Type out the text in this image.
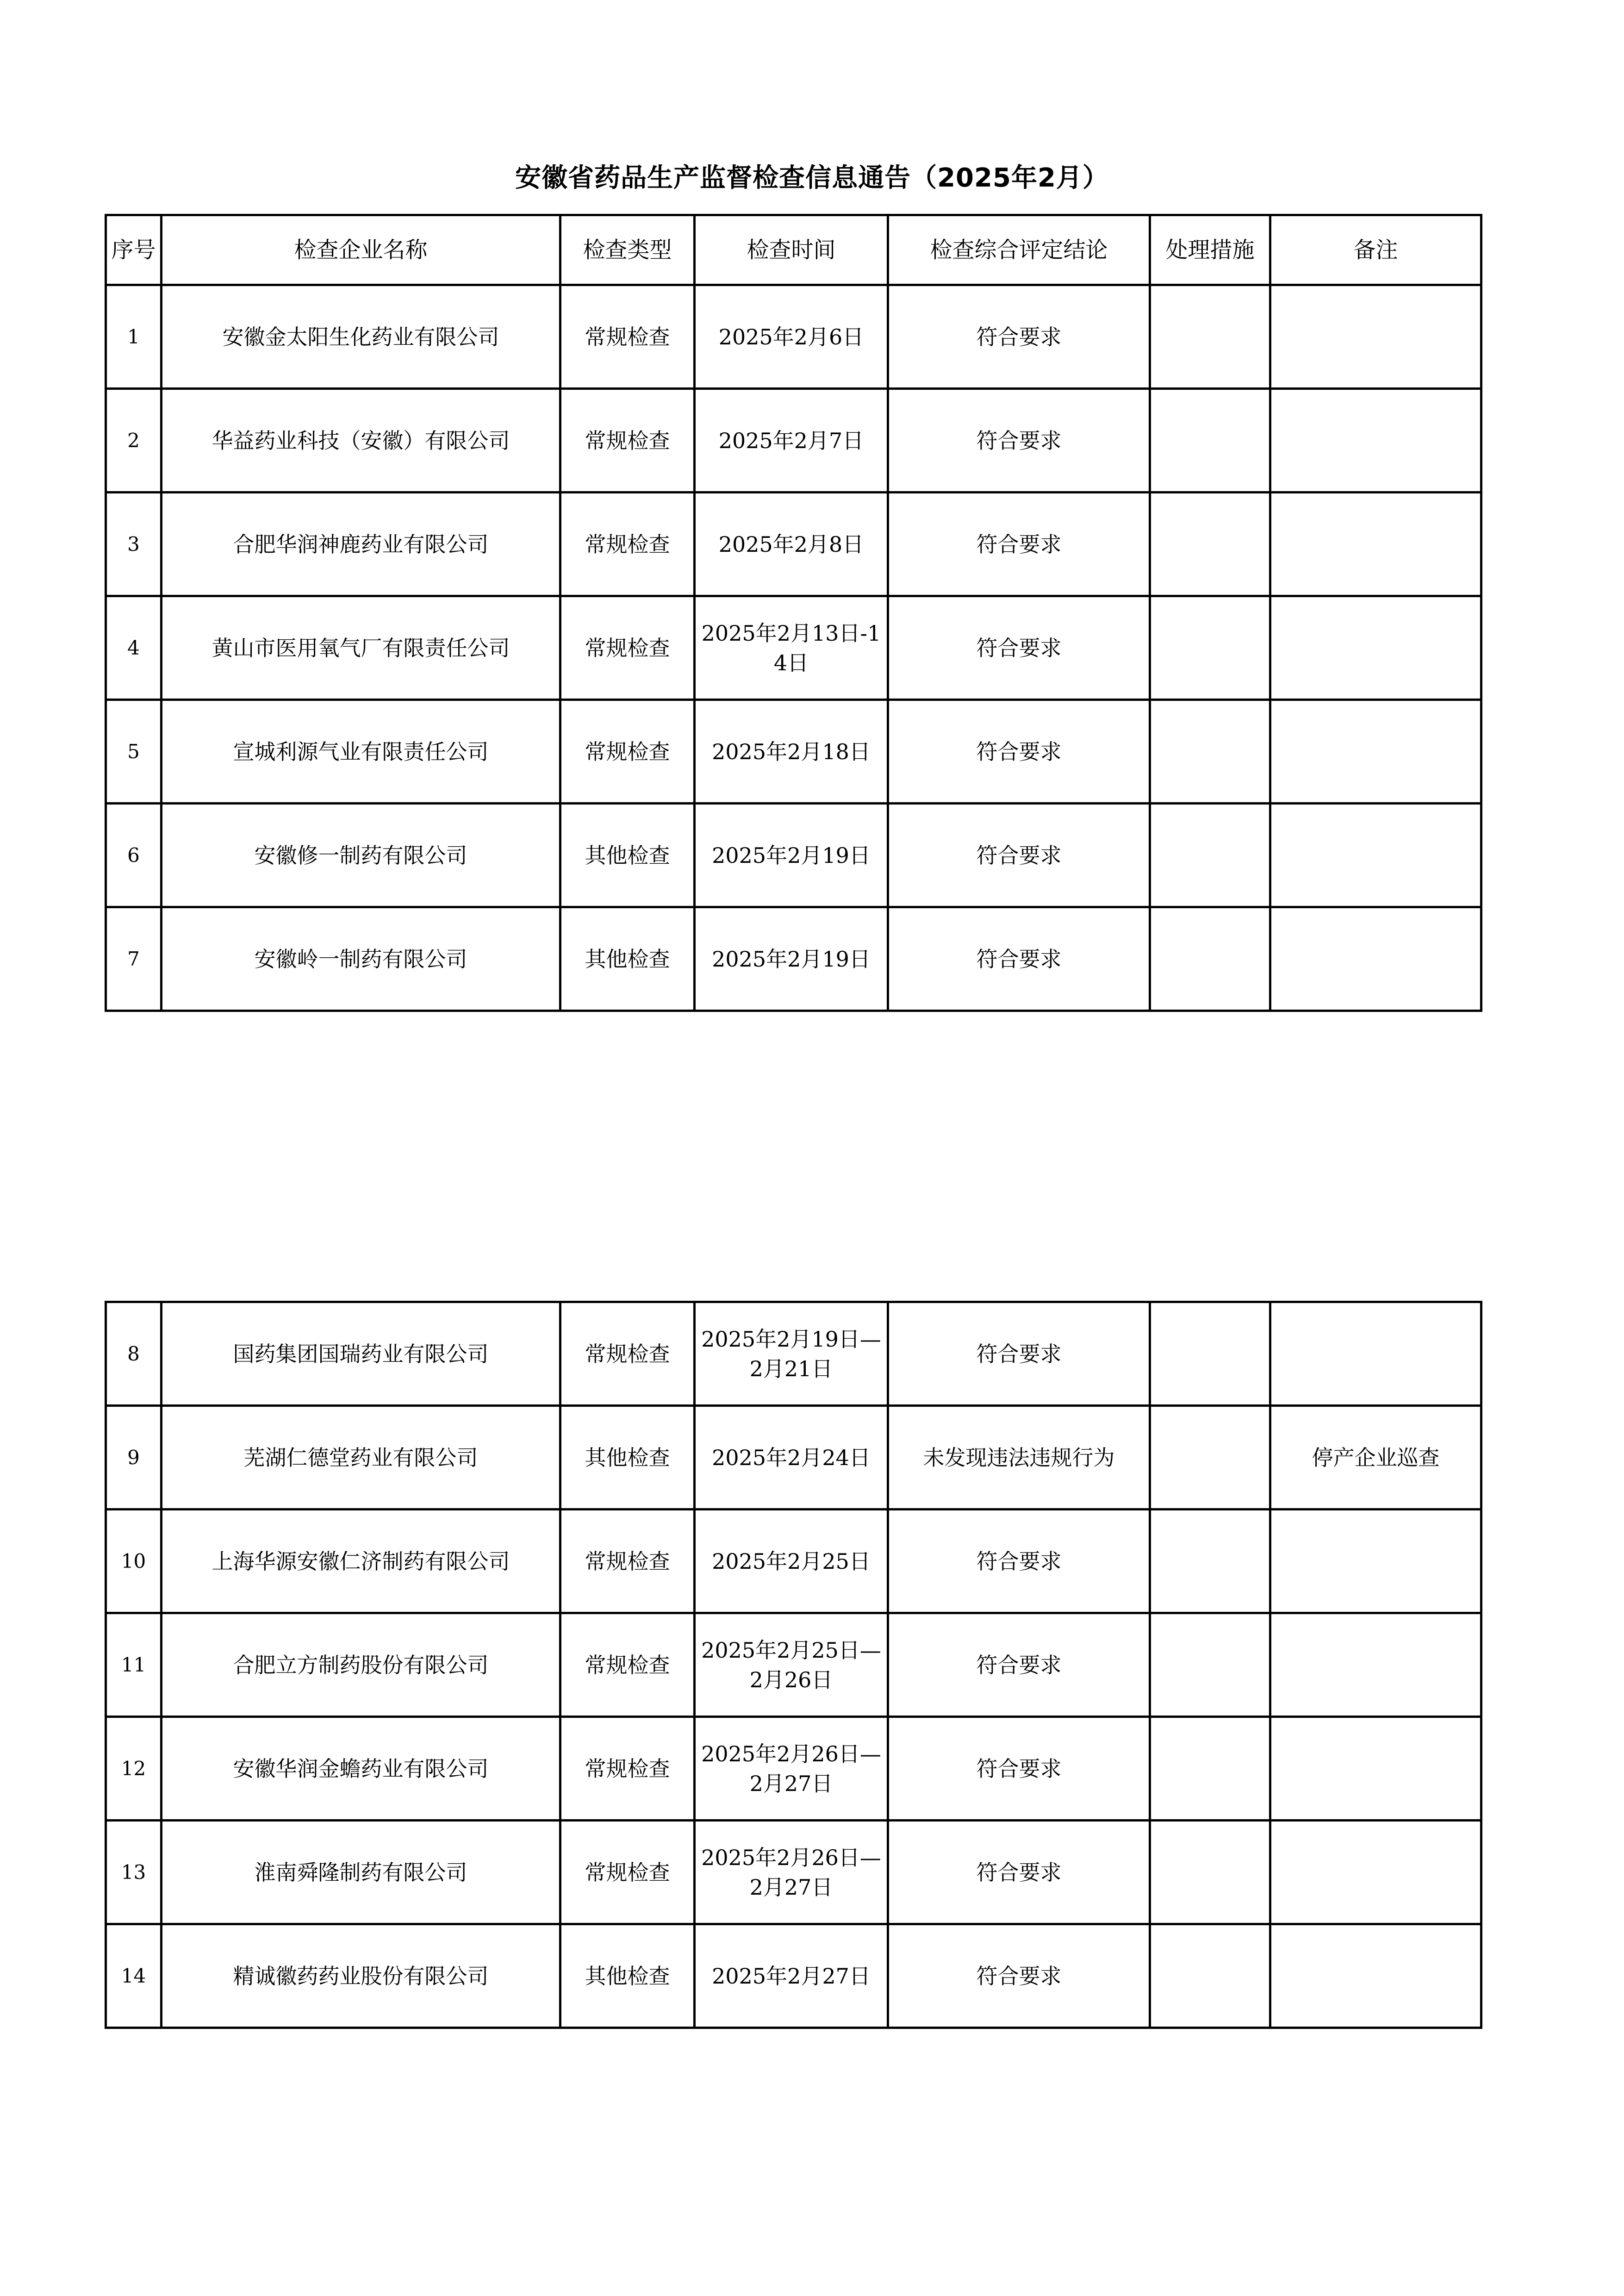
安徽省药品生产监督检查信息通告（2025年2月）
序号	检查企业名称	检查类型	检查时间	检查综合评定结论	处理措施	备注
1	安徽金太阳生化药业有限公司	常规检查	2025年2月6日	符合要求		
2	华益药业科技（安徽）有限公司	常规检查	2025年2月7日	符合要求		
3	合肥华润神鹿药业有限公司	常规检查	2025年2月8日	符合要求		
4	黄山市医用氧气厂有限责任公司	常规检查	2025年2月13日-14日	符合要求		
5	宣城利源气业有限责任公司	常规检查	2025年2月18日	符合要求		
6	安徽修一制药有限公司	其他检查	2025年2月19日	符合要求		
7	安徽岭一制药有限公司	其他检查	2025年2月19日	符合要求		
8	国药集团国瑞药业有限公司	常规检查	2025年2月19日—2月21日	符合要求		
9	芜湖仁德堂药业有限公司	其他检查	2025年2月24日	未发现违法违规行为		停产企业巡查
10	上海华源安徽仁济制药有限公司	常规检查	2025年2月25日	符合要求		
11	合肥立方制药股份有限公司	常规检查	2025年2月25日—2月26日	符合要求		
12	安徽华润金蟾药业有限公司	常规检查	2025年2月26日—2月27日	符合要求		
13	淮南舜隆制药有限公司	常规检查	2025年2月26日—2月27日	符合要求		
14	精诚徽药药业股份有限公司	其他检查	2025年2月27日	符合要求		
